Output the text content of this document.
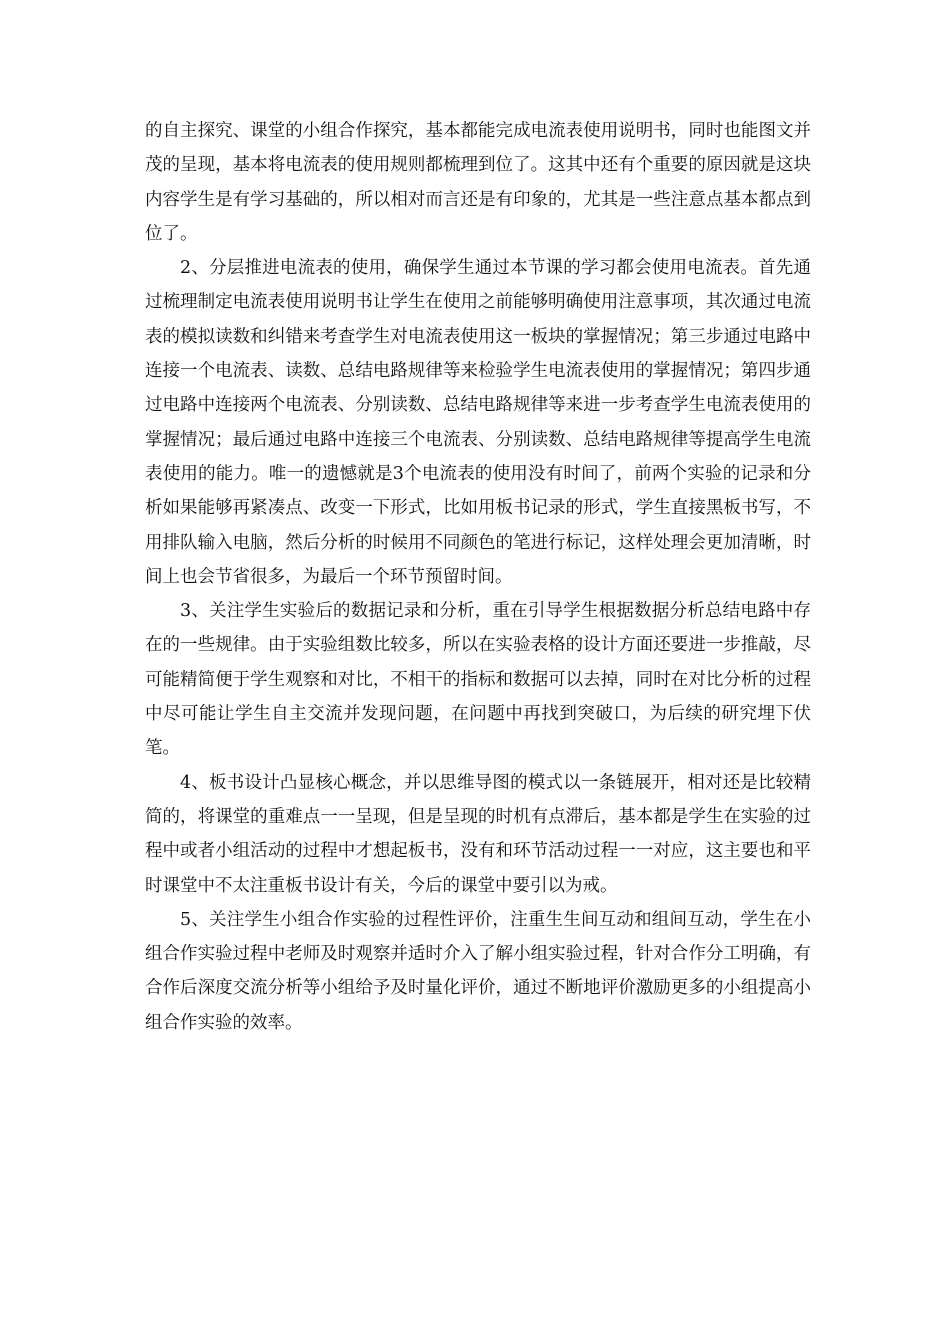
的自主探究、课堂的小组合作探究，基本都能完成电流表使用说明书，同时也能图文并茂的呈现，基本将电流表的使用规则都梳理到位了。这其中还有个重要的原因就是这块内容学生是有学习基础的，所以相对而言还是有印象的，尤其是一些注意点基本都点到位了。

2、分层推进电流表的使用，确保学生通过本节课的学习都会使用电流表。首先通过梳理制定电流表使用说明书让学生在使用之前能够明确使用注意事项，其次通过电流表的模拟读数和纠错来考查学生对电流表使用这一板块的掌握情况；第三步通过电路中连接一个电流表、读数、总结电路规律等来检验学生电流表使用的掌握情况；第四步通过电路中连接两个电流表、分别读数、总结电路规律等来进一步考查学生电流表使用的掌握情况；最后通过电路中连接三个电流表、分别读数、总结电路规律等提高学生电流表使用的能力。唯一的遗憾就是3个电流表的使用没有时间了，前两个实验的记录和分析如果能够再紧凑点、改变一下形式，比如用板书记录的形式，学生直接黑板书写，不用排队输入电脑，然后分析的时候用不同颜色的笔进行标记，这样处理会更加清晰，时间上也会节省很多，为最后一个环节预留时间。

3、关注学生实验后的数据记录和分析，重在引导学生根据数据分析总结电路中存在的一些规律。由于实验组数比较多，所以在实验表格的设计方面还要进一步推敲，尽可能精简便于学生观察和对比，不相干的指标和数据可以去掉，同时在对比分析的过程中尽可能让学生自主交流并发现问题，在问题中再找到突破口，为后续的研究埋下伏笔。

4、板书设计凸显核心概念，并以思维导图的模式以一条链展开，相对还是比较精简的，将课堂的重难点一一呈现，但是呈现的时机有点滞后，基本都是学生在实验的过程中或者小组活动的过程中才想起板书，没有和环节活动过程一一对应，这主要也和平时课堂中不太注重板书设计有关，今后的课堂中要引以为戒。

5、关注学生小组合作实验的过程性评价，注重生生间互动和组间互动，学生在小组合作实验过程中老师及时观察并适时介入了解小组实验过程，针对合作分工明确，有合作后深度交流分析等小组给予及时量化评价，通过不断地评价激励更多的小组提高小组合作实验的效率。
